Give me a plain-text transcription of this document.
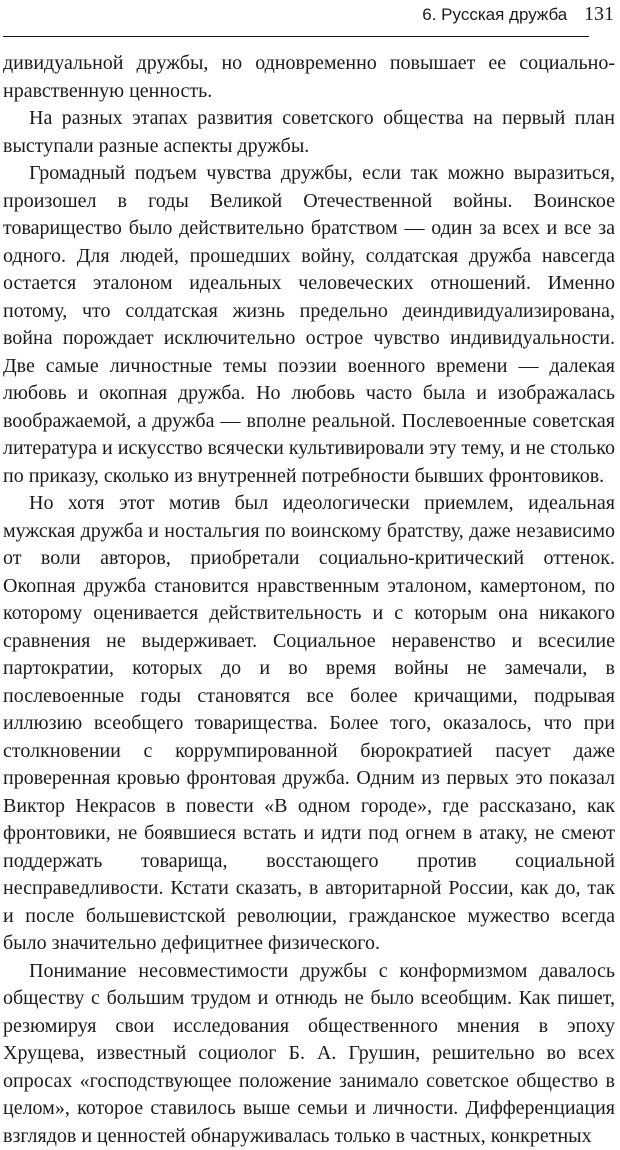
6. Русская дружба 131

дивидуальной дружбы, но одновременно повышает ее социально-нравственную ценность.

На разных этапах развития советского общества на первый план выступали разные аспекты дружбы.

Громадный подъем чувства дружбы, если так можно выразиться, произошел в годы Великой Отечественной войны. Воинское товарищество было действительно братством — один за всех и все за одного. Для людей, прошедших войну, солдатская дружба навсегда остается эталоном идеальных человеческих отношений. Именно потому, что солдатская жизнь предельно деиндивидуализирована, война порождает исключительно острое чувство индивидуальности. Две самые личностные темы поэзии военного времени — далекая любовь и окопная дружба. Но любовь часто была и изображалась воображаемой, а дружба — вполне реальной. Послевоенные советская литература и искусство всячески культивировали эту тему, и не столько по приказу, сколько из внутренней потребности бывших фронтовиков.

Но хотя этот мотив был идеологически приемлем, идеальная мужская дружба и ностальгия по воинскому братству, даже независимо от воли авторов, приобретали социально-критический оттенок. Окопная дружба становится нравственным эталоном, камертоном, по которому оценивается действительность и с которым она никакого сравнения не выдерживает. Социальное неравенство и всесилие партократии, которых до и во время войны не замечали, в послевоенные годы становятся все более кричащими, подрывая иллюзию всеобщего товарищества. Более того, оказалось, что при столкновении с коррумпированной бюрократией пасует даже проверенная кровью фронтовая дружба. Одним из первых это показал Виктор Некрасов в повести «В одном городе», где рассказано, как фронтовики, не боявшиеся встать и идти под огнем в атаку, не смеют поддержать товарища, восстающего против социальной несправедливости. Кстати сказать, в авторитарной России, как до, так и после большевистской революции, гражданское мужество всегда было значительно дефицитнее физического.

Понимание несовместимости дружбы с конформизмом давалось обществу с большим трудом и отнюдь не было всеобщим. Как пишет, резюмируя свои исследования общественного мнения в эпоху Хрущева, известный социолог Б. А. Грушин, решительно во всех опросах «господствующее положение занимало советское общество в целом», которое ставилось выше семьи и личности. Дифференциация взглядов и ценностей обнаруживалась только в частных, конкретных
